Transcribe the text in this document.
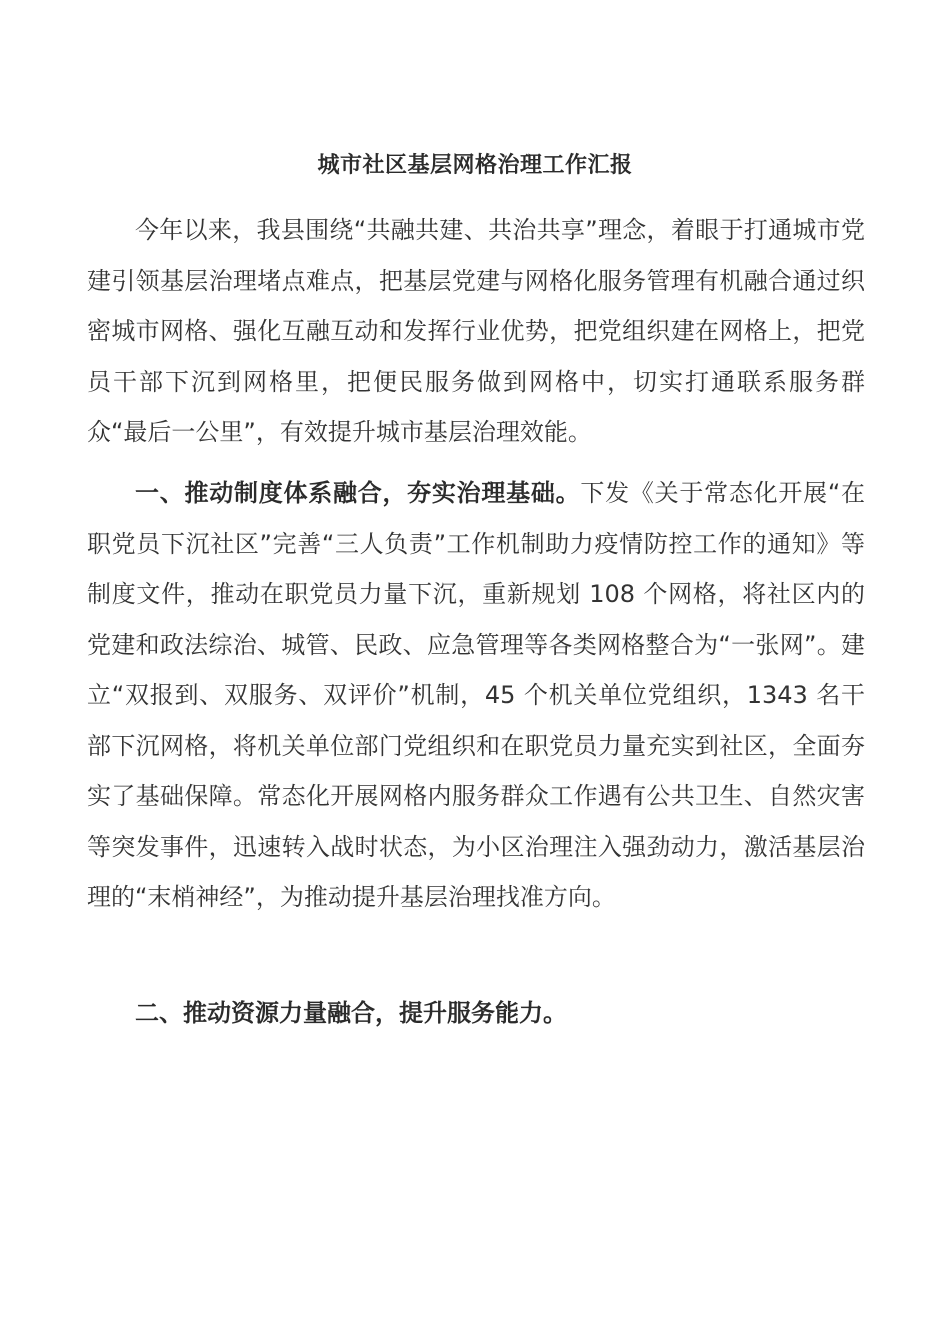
城市社区基层网格治理工作汇报

今年以来，我县围绕“共融共建、共治共享”理念，着眼于打通城市党建引领基层治理堵点难点，把基层党建与网格化服务管理有机融合通过织密城市网格、强化互融互动和发挥行业优势，把党组织建在网格上，把党员干部下沉到网格里，把便民服务做到网格中，切实打通联系服务群众“最后一公里”，有效提升城市基层治理效能。

一、推动制度体系融合，夯实治理基础。下发《关于常态化开展“在职党员下沉社区”完善“三人负责”工作机制助力疫情防控工作的通知》等制度文件，推动在职党员力量下沉，重新规划 108 个网格，将社区内的党建和政法综治、城管、民政、应急管理等各类网格整合为“一张网”。建立“双报到、双服务、双评价”机制，45 个机关单位党组织，1343 名干部下沉网格，将机关单位部门党组织和在职党员力量充实到社区，全面夯实了基础保障。常态化开展网格内服务群众工作遇有公共卫生、自然灾害等突发事件，迅速转入战时状态，为小区治理注入强劲动力，激活基层治理的“末梢神经”，为推动提升基层治理找准方向。

二、推动资源力量融合，提升服务能力。
